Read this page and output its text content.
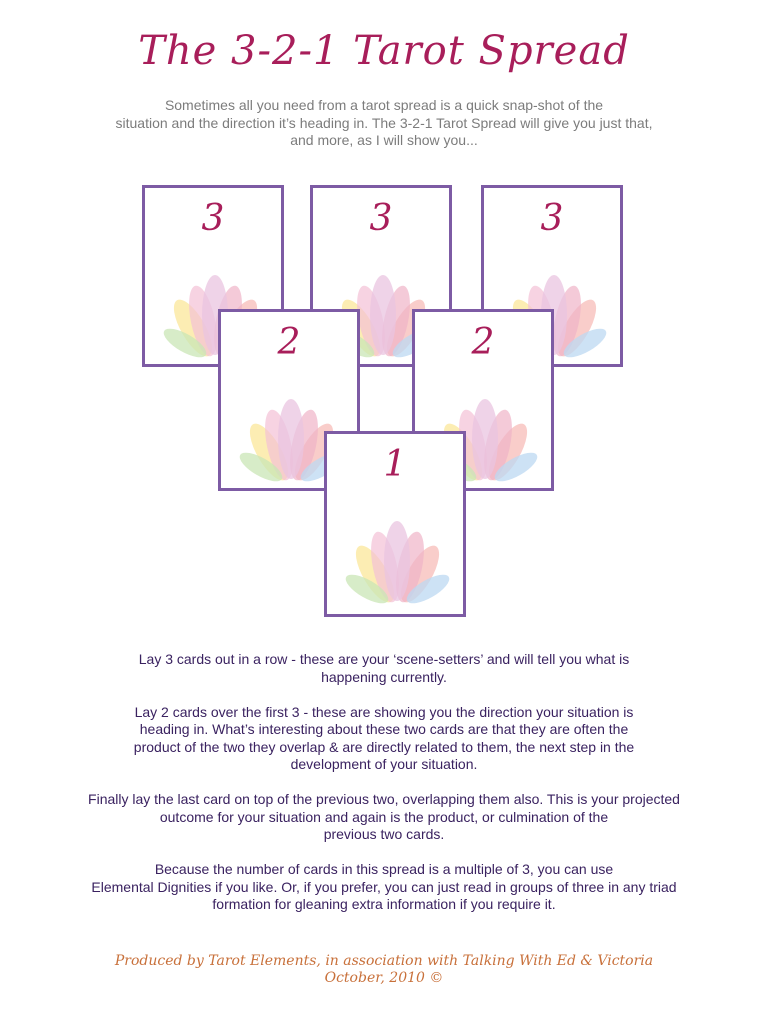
The 3-2-1 Tarot Spread
Sometimes all you need from a tarot spread is a quick snap-shot of the
situation and the direction it’s heading in. The 3-2-1 Tarot Spread will give you just that,
and more, as I will show you...
3	3	3
2	2
1

Lay 3 cards out in a row - these are your ‘scene-setters’ and will tell you what is
happening currently.

Lay 2 cards over the first 3 - these are showing you the direction your situation is
heading in. What’s interesting about these two cards are that they are often the
product of the two they overlap & are directly related to them, the next step in the
development of your situation.

Finally lay the last card on top of the previous two, overlapping them also. This is your projected
outcome for your situation and again is the product, or culmination of the
previous two cards.

Because the number of cards in this spread is a multiple of 3, you can use
Elemental Dignities if you like. Or, if you prefer, you can just read in groups of three in any triad
formation for gleaning extra information if you require it.

Produced by Tarot Elements, in association with Talking With Ed & Victoria
October, 2010 ©
